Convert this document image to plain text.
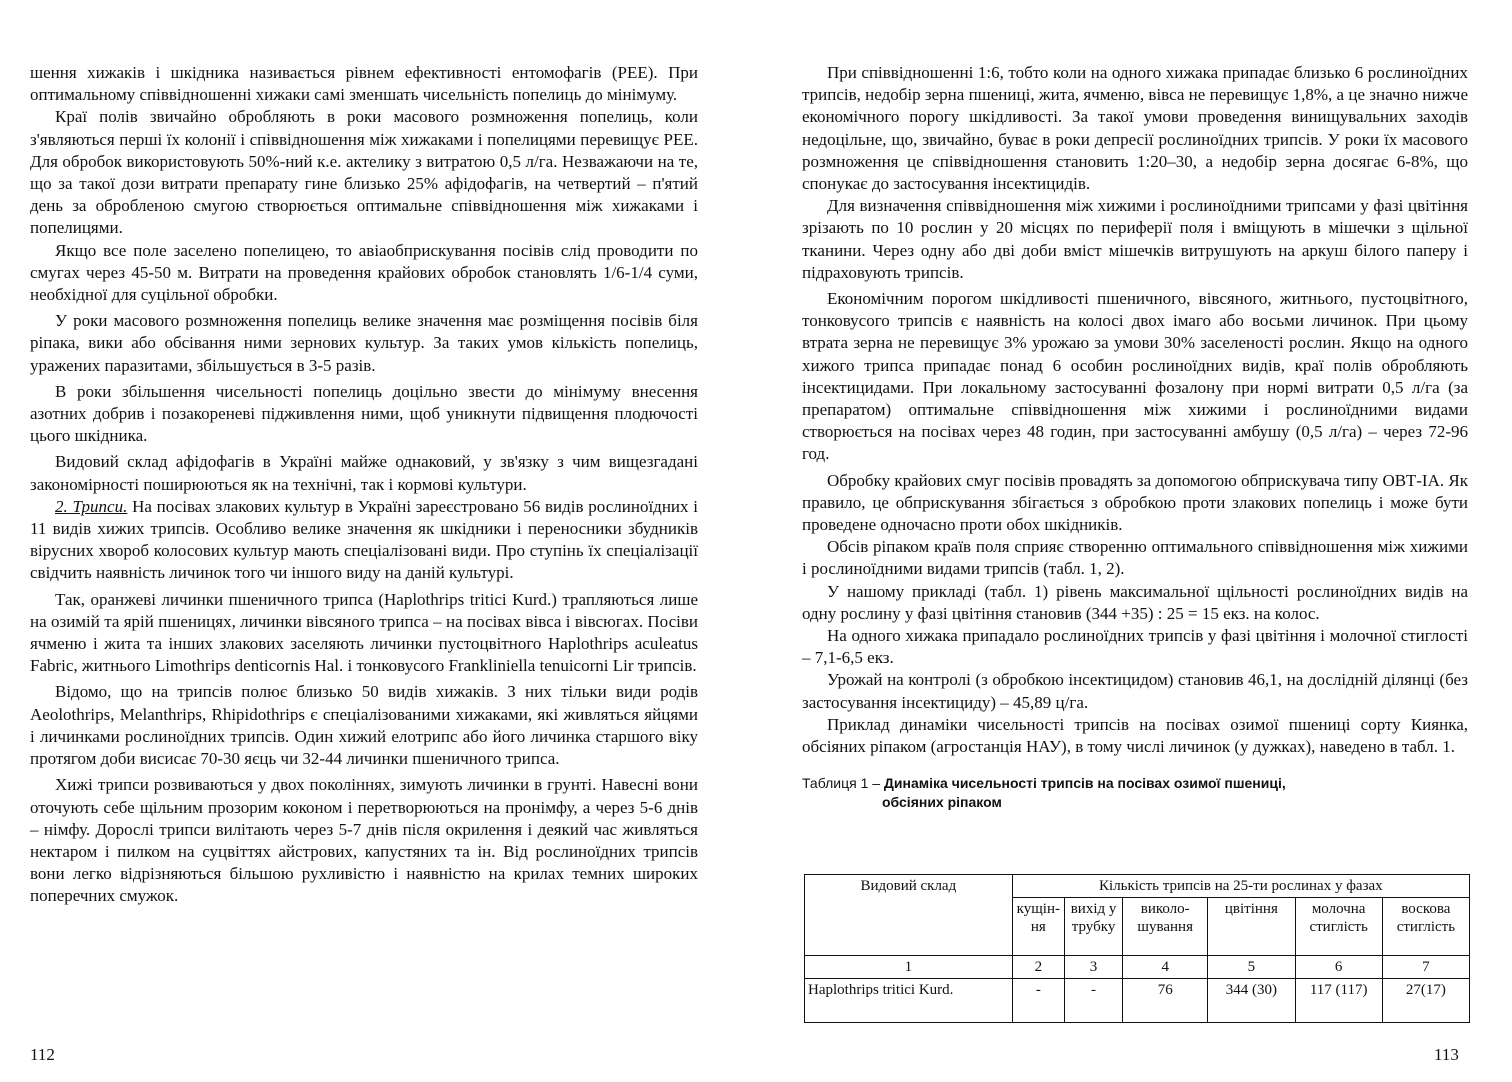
шення хижаків і шкідника називається рівнем ефективності ентомофагів (РЕЕ). При оптимальному співвідношенні хижаки самі зменшать чисельність попелиць до мінімуму.

Краї полів звичайно обробляють в роки масового розмноження попелиць, коли з'являються перші їх колонії і співвідношення між хижаками і попелицями перевищує РЕЕ. Для обробок використовують 50%-ний к.е. актелику з витратою 0,5 л/га. Незважаючи на те, що за такої дози витрати препарату гине близько 25% афідофагів, на четвертий – п'ятий день за обробленою смугою створюється оптимальне співвідношення між хижаками і попелицями.

Якщо все поле заселено попелицею, то авіаобприскування посівів слід проводити по смугах через 45-50 м. Витрати на проведення крайових обробок становлять 1/6-1/4 суми, необхідної для суцільної обробки.

У роки масового розмноження попелиць велике значення має розміщення посівів біля ріпака, вики або обсівання ними зернових культур. За таких умов кількість попелиць, уражених паразитами, збільшується в 3-5 разів.

В роки збільшення чисельності попелиць доцільно звести до мінімуму внесення азотних добрив і позакореневі підживлення ними, щоб уникнути підвищення плодючості цього шкідника.

Видовий склад афідофагів в Україні майже однаковий, у зв'язку з чим вищезгадані закономірності поширюються як на технічні, так і кормові культури.

2. Трипси. На посівах злакових культур в Україні зареєстровано 56 видів рослиноїдних і 11 видів хижих трипсів. Особливо велике значення як шкідники і переносники збудників вірусних хвороб колосових культур мають спеціалізовані види. Про ступінь їх спеціалізації свідчить наявність личинок того чи іншого виду на даній культурі.

Так, оранжеві личинки пшеничного трипса (Haplothrips tritici Kurd.) трапляються лише на озимій та ярій пшеницях, личинки вівсяного трипса – на посівах вівса і вівсюгах. Посіви ячменю і жита та інших злакових заселяють личинки пустоцвітного Haplothrips aculeatus Fabric, житнього Limothrips denticornis Hal. і тонковусого Frankliniella tenuicorni Lir трипсів.

Відомо, що на трипсів полює близько 50 видів хижаків. З них тільки види родів Aeolothrips, Melanthrips, Rhipidothrips є спеціалізованими хижаками, які живляться яйцями і личинками рослиноїдних трипсів. Один хижий елотрипс або його личинка старшого віку протягом доби висисає 70-30 яєць чи 32-44 личинки пшеничного трипса.

Хижі трипси розвиваються у двох поколіннях, зимують личинки в грунті. Навесні вони оточують себе щільним прозорим коконом і перетворюються на пронімфу, а через 5-6 днів – німфу. Дорослі трипси вилітають через 5-7 днів після окрилення і деякий час живляться нектаром і пилком на суцвіттях айстрових, капустяних та ін. Від рослиноїдних трипсів вони легко відрізняються більшою рухливістю і наявністю на крилах темних широких поперечних смужок.

112

При співвідношенні 1:6, тобто коли на одного хижака припадає близько 6 рослиноїдних трипсів, недобір зерна пшениці, жита, ячменю, вівса не перевищує 1,8%, а це значно нижче економічного порогу шкідливості. За такої умови проведення винищувальних заходів недоцільне, що, звичайно, буває в роки депресії рослиноїдних трипсів. У роки їх масового розмноження це співвідношення становить 1:20–30, а недобір зерна досягає 6-8%, що спонукає до застосування інсектицидів.

Для визначення співвідношення між хижими і рослиноїдними трипсами у фазі цвітіння зрізають по 10 рослин у 20 місцях по периферії поля і вміщують в мішечки з щільної тканини. Через одну або дві доби вміст мішечків витрушують на аркуш білого паперу і підраховують трипсів.

Економічним порогом шкідливості пшеничного, вівсяного, житнього, пустоцвітного, тонковусого трипсів є наявність на колосі двох імаго або восьми личинок. При цьому втрата зерна не перевищує 3% урожаю за умови 30% заселеності рослин. Якщо на одного хижого трипса припадає понад 6 особин рослиноїдних видів, краї полів обробляють інсектицидами. При локальному застосуванні фозалону при нормі витрати 0,5 л/га (за препаратом) оптимальне співвідношення між хижими і рослиноїдними видами створюється на посівах через 48 годин, при застосуванні амбушу (0,5 л/га) – через 72-96 год.

Обробку крайових смуг посівів провадять за допомогою обприскувача типу ОВТ-ІА. Як правило, це обприскування збігається з обробкою проти злакових попелиць і може бути проведене одночасно проти обох шкідників.

Обсів ріпаком країв поля сприяє створенню оптимального співвідношення між хижими і рослиноїдними видами трипсів (табл. 1, 2).

У нашому прикладі (табл. 1) рівень максимальної щільності рослиноїдних видів на одну рослину у фазі цвітіння становив (344 +35) : 25 = 15 екз. на колос.

На одного хижака припадало рослиноїдних трипсів у фазі цвітіння і молочної стиглості – 7,1-6,5 екз.

Урожай на контролі (з обробкою інсектицидом) становив 46,1, на дослідній ділянці (без застосування інсектициду) – 45,89 ц/га.

Приклад динаміки чисельності трипсів на посівах озимої пшениці сорту Киянка, обсіяних ріпаком (агростанція НАУ), в тому числі личинок (у дужках), наведено в табл. 1.

Таблиця 1 – Динаміка чисельності трипсів на посівах озимої пшениці,
обсіяних ріпаком
Видовий склад	Кількість трипсів на 25-ти рослинах у фазах					
	кущін-ня	вихід у трубку	виколо-шування	цвітіння	молочна стиглість	воскова стиглість
1	2	3	4	5	6	7
Haplothrips tritici Kurd.	-	-	76	344 (30)	117 (117)	27(17)
113
